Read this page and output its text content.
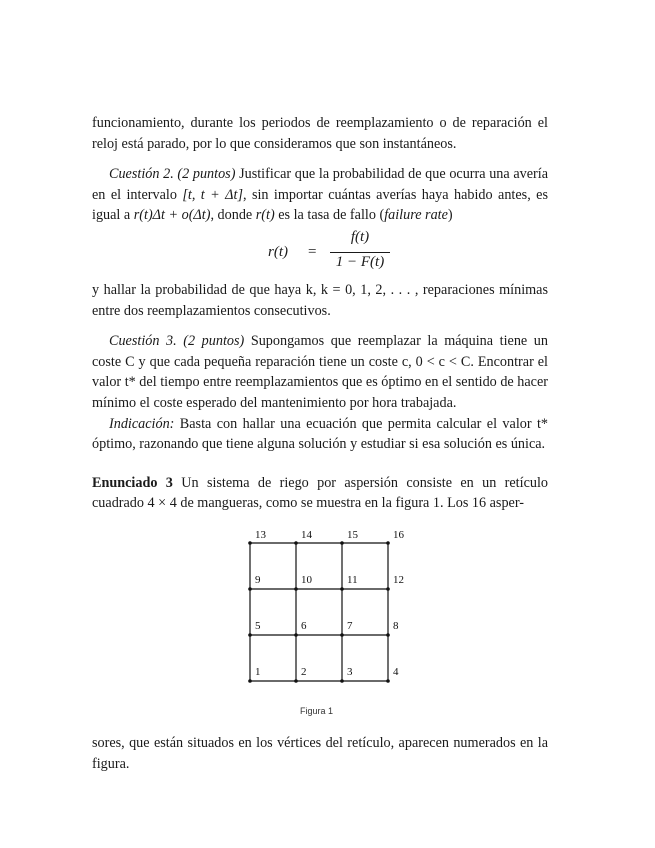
funcionamiento, durante los periodos de reemplazamiento o de reparación el reloj está parado, por lo que consideramos que son instantáneos.

Cuestión 2. (2 puntos) Justificar que la probabilidad de que ocurra una avería en el intervalo [t, t + Δt], sin importar cuántas averías haya habido antes, es igual a r(t)Δt + o(Δt), donde r(t) es la tasa de fallo (failure rate)

r(t) =
f(t)
1 − F(t)

y hallar la probabilidad de que haya k, k = 0, 1, 2, . . . , reparaciones mínimas entre dos reemplazamientos consecutivos.

Cuestión 3. (2 puntos) Supongamos que reemplazar la máquina tiene un coste C y que cada pequeña reparación tiene un coste c, 0 < c < C. Encontrar el valor t* del tiempo entre reemplazamientos que es óptimo en el sentido de hacer mínimo el coste esperado del mantenimiento por hora trabajada.

Indicación: Basta con hallar una ecuación que permita calcular el valor t* óptimo, razonando que tiene alguna solución y estudiar si esa solución es única.

Enunciado 3 Un sistema de riego por aspersión consiste en un retículo cuadrado 4 × 4 de mangueras, como se muestra en la figura 1. Los 16 asper-

1	2	3	4
5	6	7	8
9	10	11	12
13	14	15	16
Figura 1

sores, que están situados en los vértices del retículo, aparecen numerados en la figura.
